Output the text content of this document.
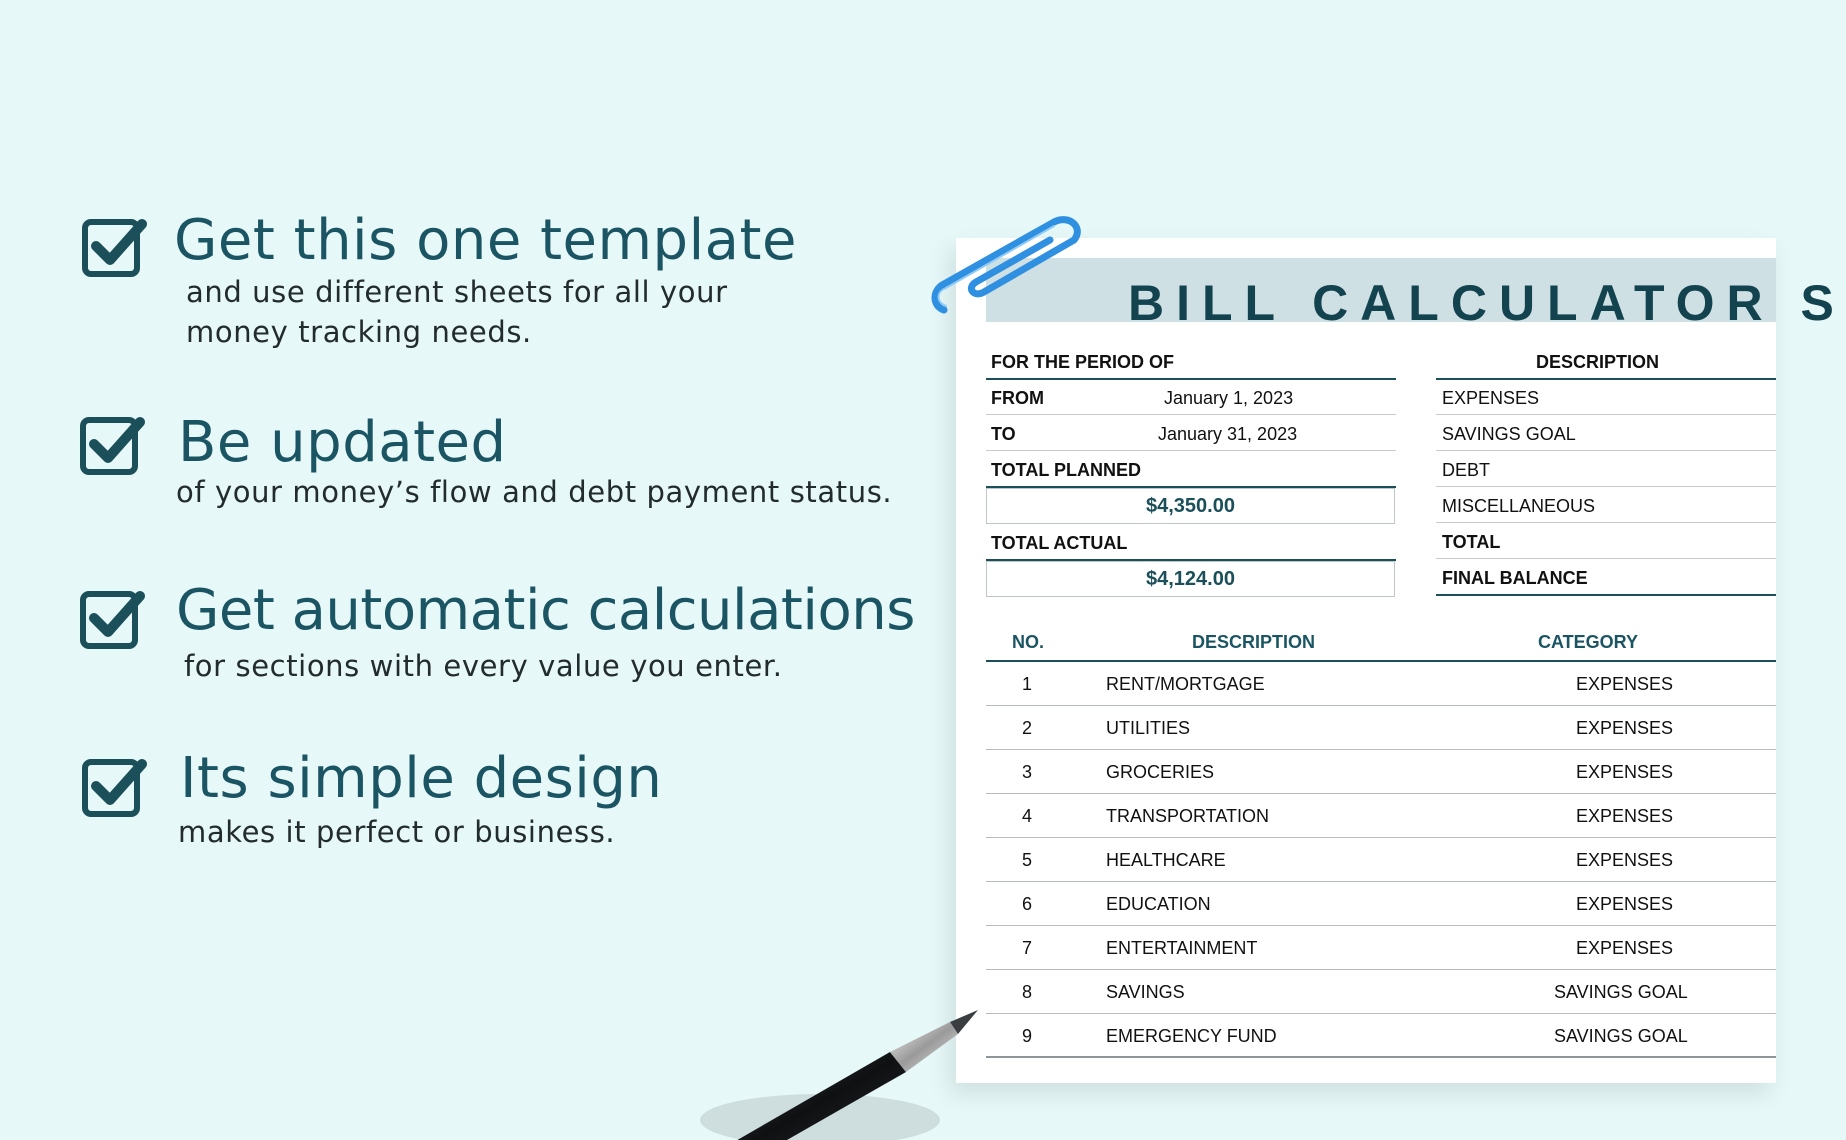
Get this one template
and use different sheets for all your
money tracking needs.
Be updated
of your money’s flow and debt payment status.
Get automatic calculations
for sections with every value you enter.
Its simple design
makes it perfect or business.
BILL CALCULATOR S
FOR THE PERIOD OF
FROM	January 1, 2023
TO	January 31, 2023
TOTAL PLANNED
$4,350.00
TOTAL ACTUAL
$4,124.00
DESCRIPTION
EXPENSES
SAVINGS GOAL
DEBT
MISCELLANEOUS
TOTAL
FINAL BALANCE
NO.	DESCRIPTION	CATEGORY
1	RENT/MORTGAGE	EXPENSES
2	UTILITIES	EXPENSES
3	GROCERIES	EXPENSES
4	TRANSPORTATION	EXPENSES
5	HEALTHCARE	EXPENSES
6	EDUCATION	EXPENSES
7	ENTERTAINMENT	EXPENSES
8	SAVINGS	SAVINGS GOAL
9	EMERGENCY FUND	SAVINGS GOAL
